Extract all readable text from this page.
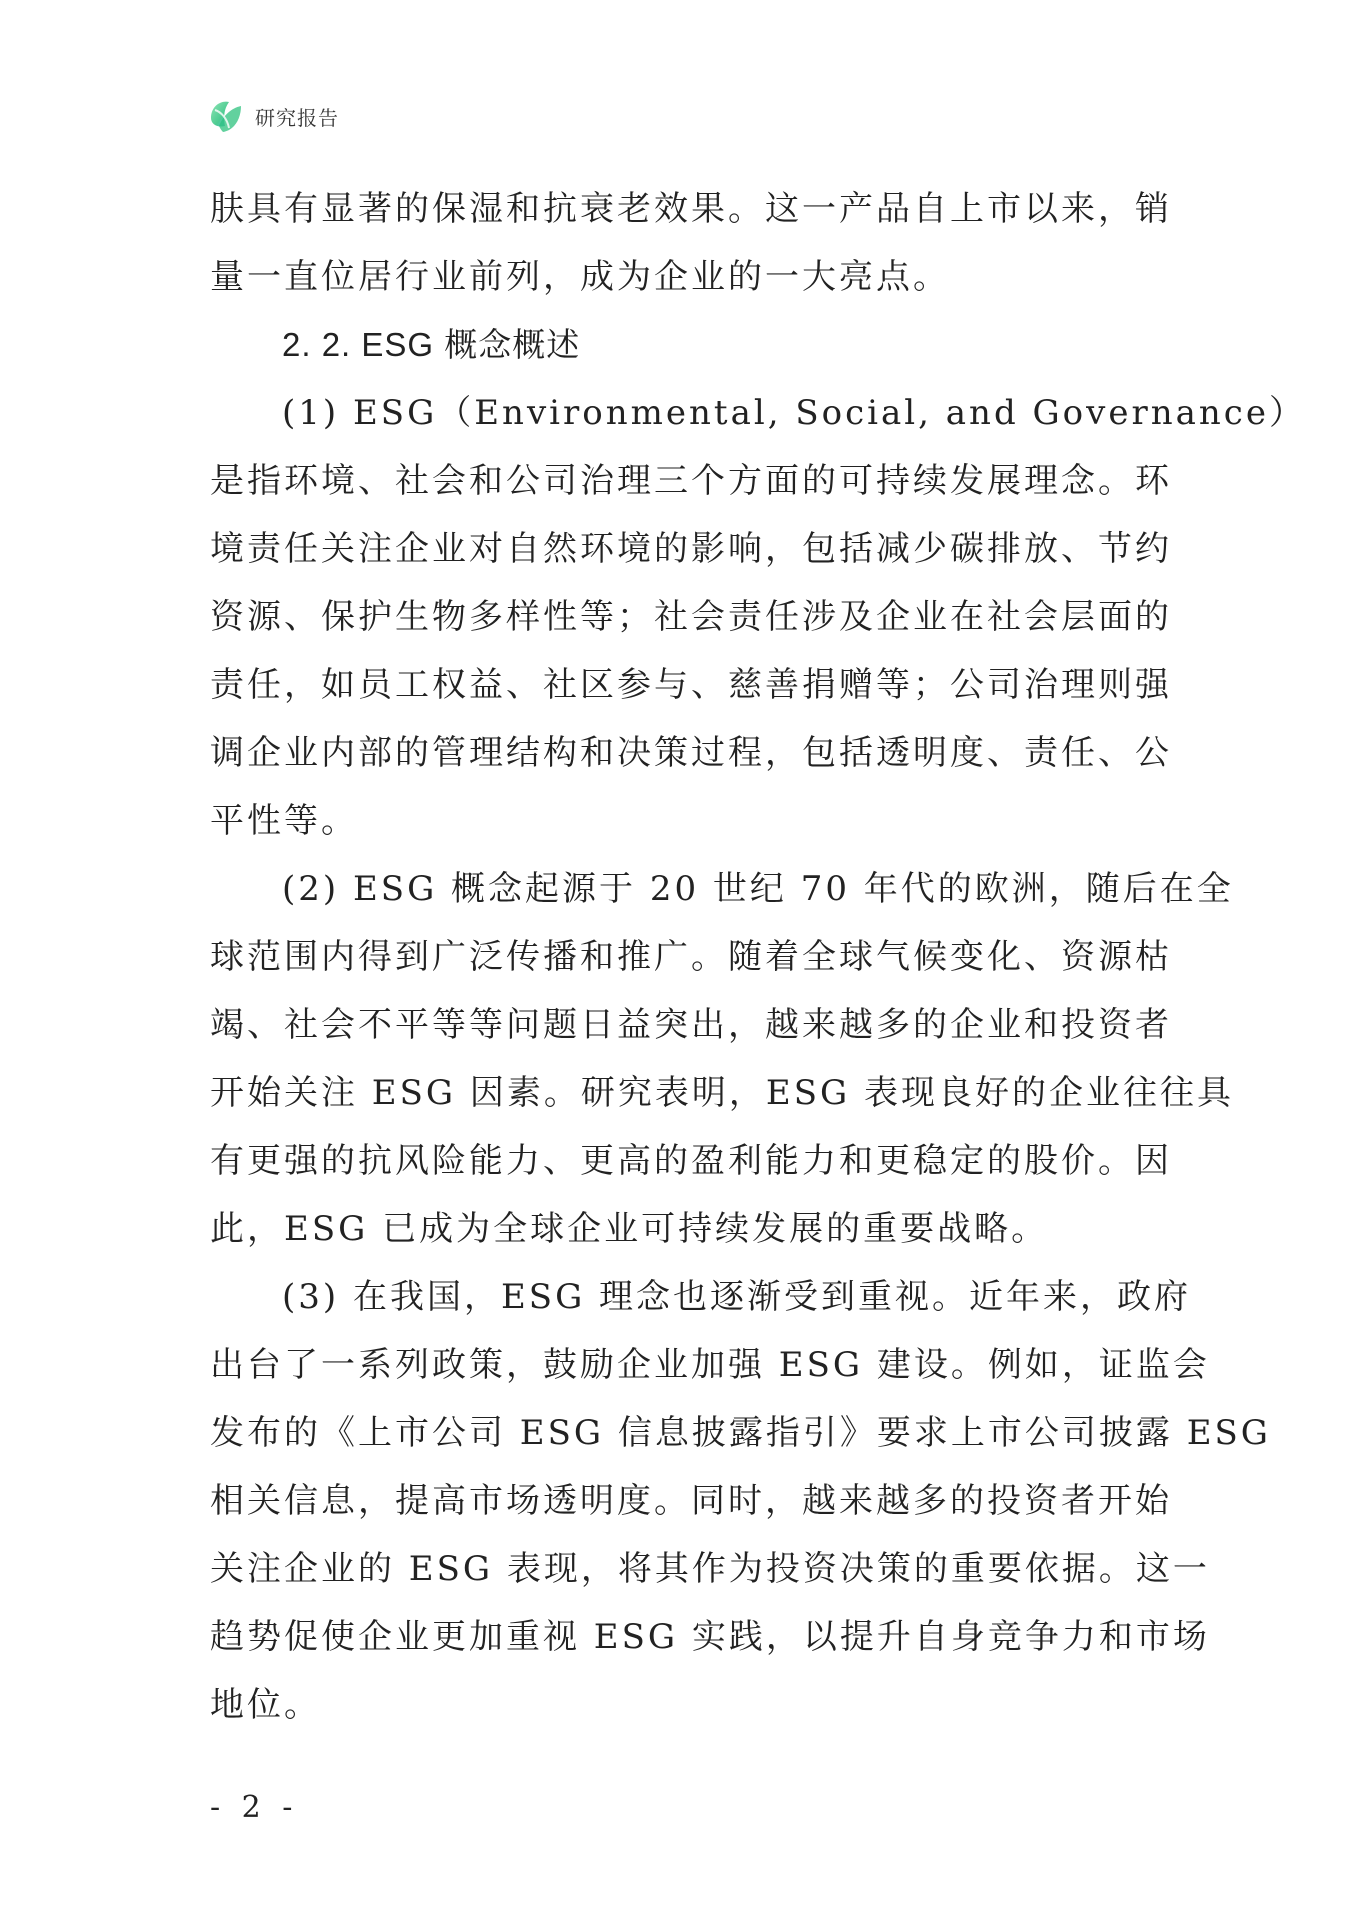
研究报告
肤具有显著的保湿和抗衰老效果。这一产品自上市以来，销
量一直位居行业前列，成为企业的一大亮点。
2. 2. ESG 概念概述
(1) ESG（Environmental, Social, and Governance）
是指环境、社会和公司治理三个方面的可持续发展理念。环
境责任关注企业对自然环境的影响，包括减少碳排放、节约
资源、保护生物多样性等；社会责任涉及企业在社会层面的
责任，如员工权益、社区参与、慈善捐赠等；公司治理则强
调企业内部的管理结构和决策过程，包括透明度、责任、公
平性等。
(2) ESG 概念起源于 20 世纪 70 年代的欧洲，随后在全
球范围内得到广泛传播和推广。随着全球气候变化、资源枯
竭、社会不平等等问题日益突出，越来越多的企业和投资者
开始关注 ESG 因素。研究表明，ESG 表现良好的企业往往具
有更强的抗风险能力、更高的盈利能力和更稳定的股价。因
此，ESG 已成为全球企业可持续发展的重要战略。
(3) 在我国，ESG 理念也逐渐受到重视。近年来，政府
出台了一系列政策，鼓励企业加强 ESG 建设。例如，证监会
发布的《上市公司 ESG 信息披露指引》要求上市公司披露 ESG
相关信息，提高市场透明度。同时，越来越多的投资者开始
关注企业的 ESG 表现，将其作为投资决策的重要依据。这一
趋势促使企业更加重视 ESG 实践，以提升自身竞争力和市场
地位。
- 2 -
